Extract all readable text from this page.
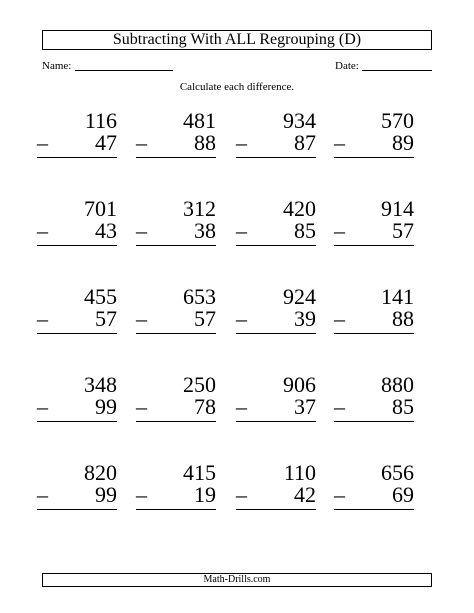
Subtracting With ALL Regrouping (D)
Name:	Date:
Calculate each difference.
116
– 47
481
– 88
934
– 87
570
– 89
701
– 43
312
– 38
420
– 85
914
– 57
455
– 57
653
– 57
924
– 39
141
– 88
348
– 99
250
– 78
906
– 37
880
– 85
820
– 99
415
– 19
110
– 42
656
– 69
Math-Drills.com
